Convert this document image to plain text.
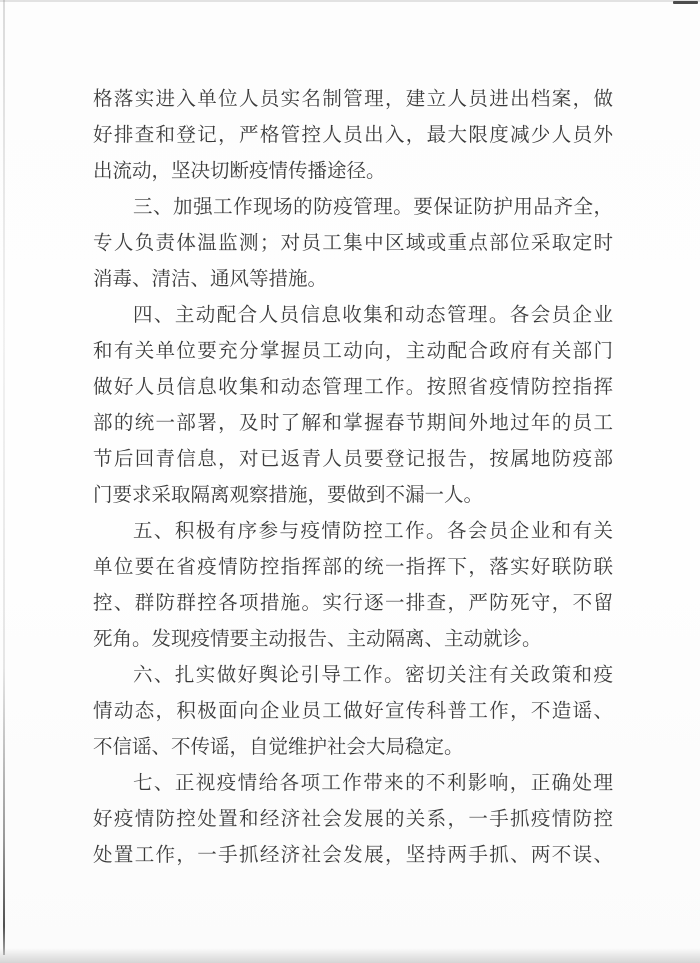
格落实进入单位人员实名制管理，建立人员进出档案，做
好排查和登记，严格管控人员出入，最大限度减少人员外
出流动，坚决切断疫情传播途径。

三、加强工作现场的防疫管理。要保证防护用品齐全，
专人负责体温监测；对员工集中区域或重点部位采取定时
消毒、清洁、通风等措施。

四、主动配合人员信息收集和动态管理。各会员企业
和有关单位要充分掌握员工动向，主动配合政府有关部门
做好人员信息收集和动态管理工作。按照省疫情防控指挥
部的统一部署，及时了解和掌握春节期间外地过年的员工
节后回青信息，对已返青人员要登记报告，按属地防疫部
门要求采取隔离观察措施，要做到不漏一人。

五、积极有序参与疫情防控工作。各会员企业和有关
单位要在省疫情防控指挥部的统一指挥下，落实好联防联
控、群防群控各项措施。实行逐一排查，严防死守，不留
死角。发现疫情要主动报告、主动隔离、主动就诊。

六、扎实做好舆论引导工作。密切关注有关政策和疫
情动态，积极面向企业员工做好宣传科普工作，不造谣、
不信谣、不传谣，自觉维护社会大局稳定。

七、正视疫情给各项工作带来的不利影响，正确处理
好疫情防控处置和经济社会发展的关系，一手抓疫情防控
处置工作，一手抓经济社会发展，坚持两手抓、两不误、
